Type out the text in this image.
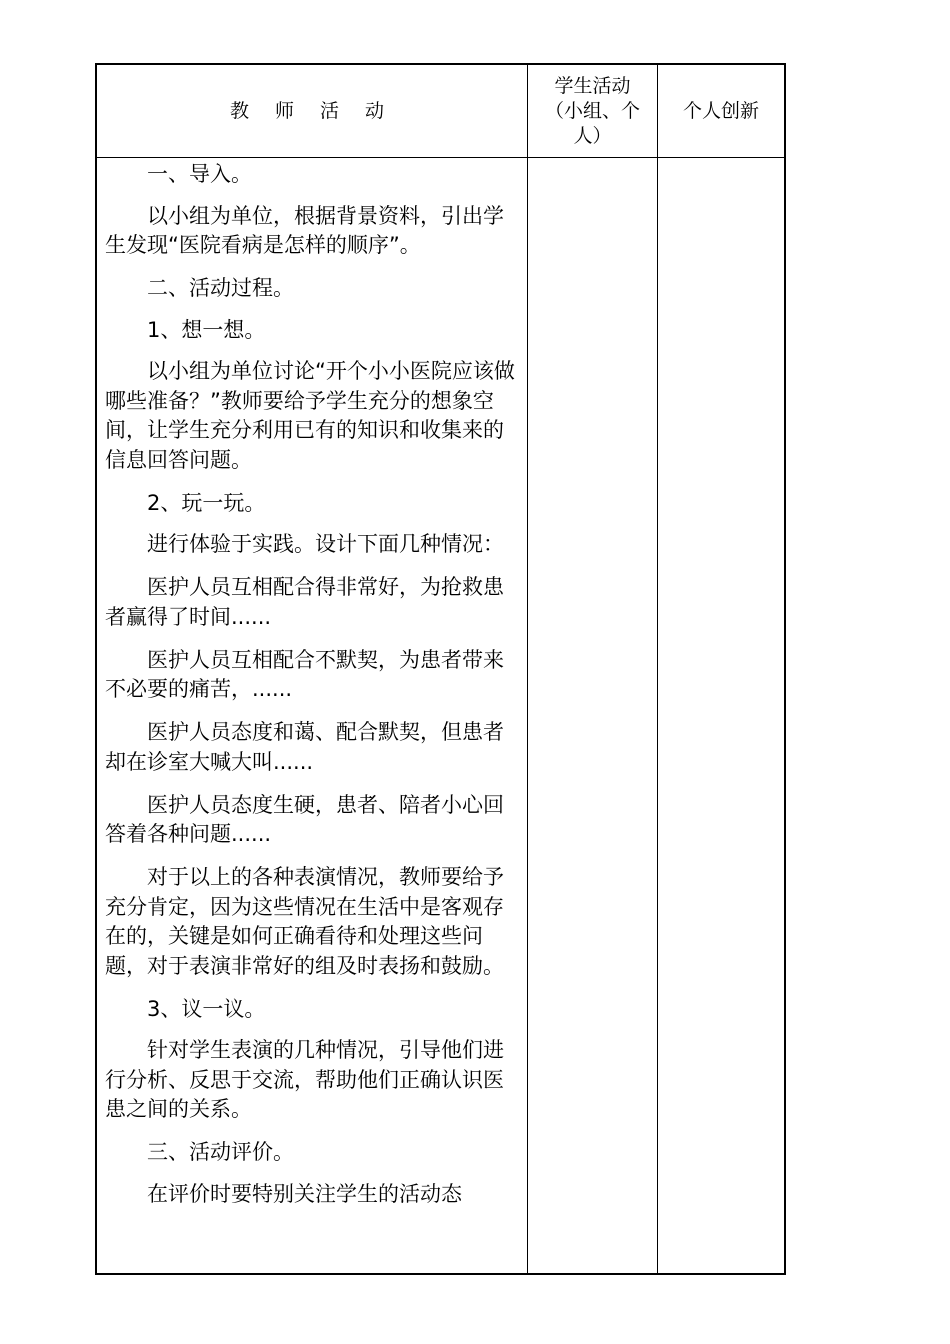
教 师 活 动
学生活动（小组、个人）
个人创新

一、导入。

以小组为单位，根据背景资料，引出学生发现“医院看病是怎样的顺序”。

二、活动过程。

1、想一想。

以小组为单位讨论“开个小小医院应该做哪些准备？”教师要给予学生充分的想象空间，让学生充分利用已有的知识和收集来的信息回答问题。

2、玩一玩。

进行体验于实践。设计下面几种情况：

医护人员互相配合得非常好，为抢救患者赢得了时间......

医护人员互相配合不默契，为患者带来不必要的痛苦，......

医护人员态度和蔼、配合默契，但患者却在诊室大喊大叫......

医护人员态度生硬，患者、陪者小心回答着各种问题......

对于以上的各种表演情况，教师要给予充分肯定，因为这些情况在生活中是客观存在的，关键是如何正确看待和处理这些问题，对于表演非常好的组及时表扬和鼓励。

3、议一议。

针对学生表演的几种情况，引导他们进行分析、反思于交流，帮助他们正确认识医患之间的关系。

三、活动评价。

在评价时要特别关注学生的活动态
